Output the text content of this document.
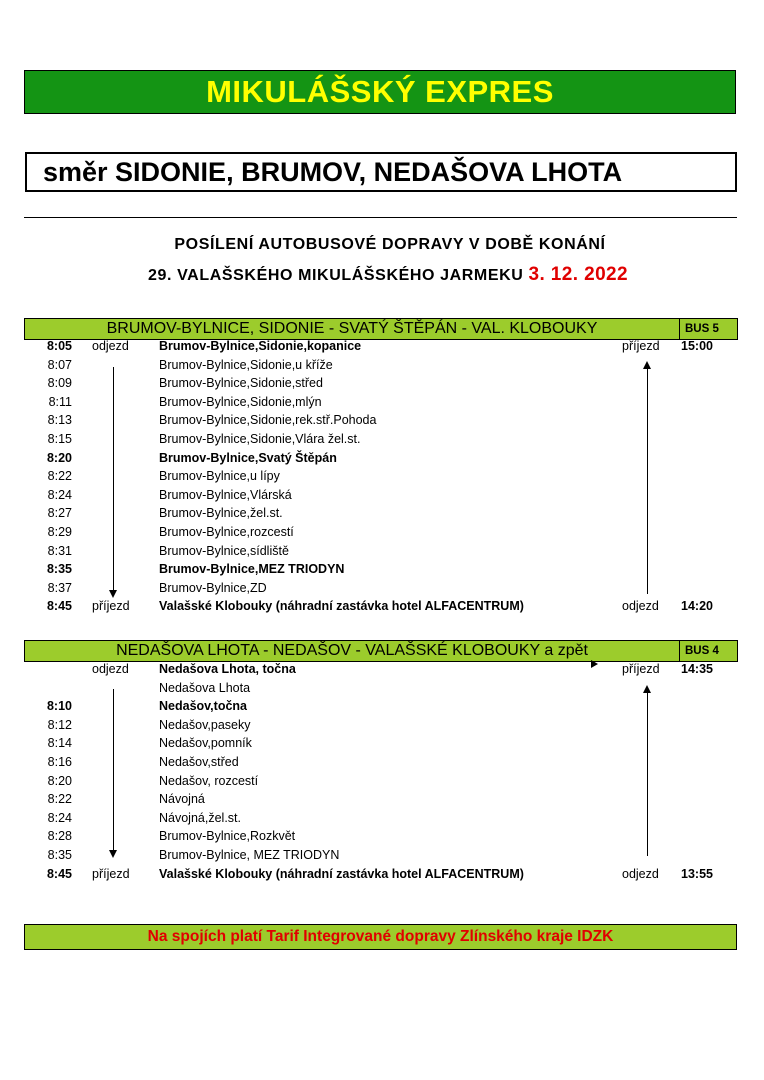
MIKULÁŠSKÝ EXPRES
směr SIDONIE, BRUMOV, NEDAŠOVA LHOTA
POSÍLENÍ AUTOBUSOVÉ DOPRAVY V DOBĚ KONÁNÍ
29. VALAŠSKÉHO MIKULÁŠSKÉHO JARMEKU 3. 12. 2022
BRUMOV-BYLNICE, SIDONIE - SVATÝ ŠTĚPÁN - VAL. KLOBOUKY	BUS 5
8:05 odjezd Brumov-Bylnice,Sidonie,kopanice	příjezd 15:00
8:07	Brumov-Bylnice,Sidonie,u kříže
8:09	Brumov-Bylnice,Sidonie,střed
8:11	Brumov-Bylnice,Sidonie,mlýn
8:13	Brumov-Bylnice,Sidonie,rek.stř.Pohoda
8:15	Brumov-Bylnice,Sidonie,Vlára žel.st.
8:20	Brumov-Bylnice,Svatý Štěpán
8:22	Brumov-Bylnice,u lípy
8:24	Brumov-Bylnice,Vlárská
8:27	Brumov-Bylnice,žel.st.
8:29	Brumov-Bylnice,rozcestí
8:31	Brumov-Bylnice,sídliště
8:35	Brumov-Bylnice,MEZ TRIODYN
8:37	Brumov-Bylnice,ZD
8:45 příjezd Valašské Klobouky (náhradní zastávka hotel ALFACENTRUM)	odjezd 14:20
NEDAŠOVA LHOTA - NEDAŠOV - VALAŠSKÉ KLOBOUKY a zpět	BUS 4
odjezd Nedašova Lhota, točna	příjezd 14:35
Nedašova Lhota
8:10	Nedašov,točna
8:12	Nedašov,paseky
8:14	Nedašov,pomník
8:16	Nedašov,střed
8:20	Nedašov, rozcestí
8:22	Návojná
8:24	Návojná,žel.st.
8:28	Brumov-Bylnice,Rozkvět
8:35	Brumov-Bylnice, MEZ TRIODYN
8:45 příjezd Valašské Klobouky (náhradní zastávka hotel ALFACENTRUM)	odjezd 13:55
Na spojích platí Tarif Integrované dopravy Zlínského kraje IDZK
